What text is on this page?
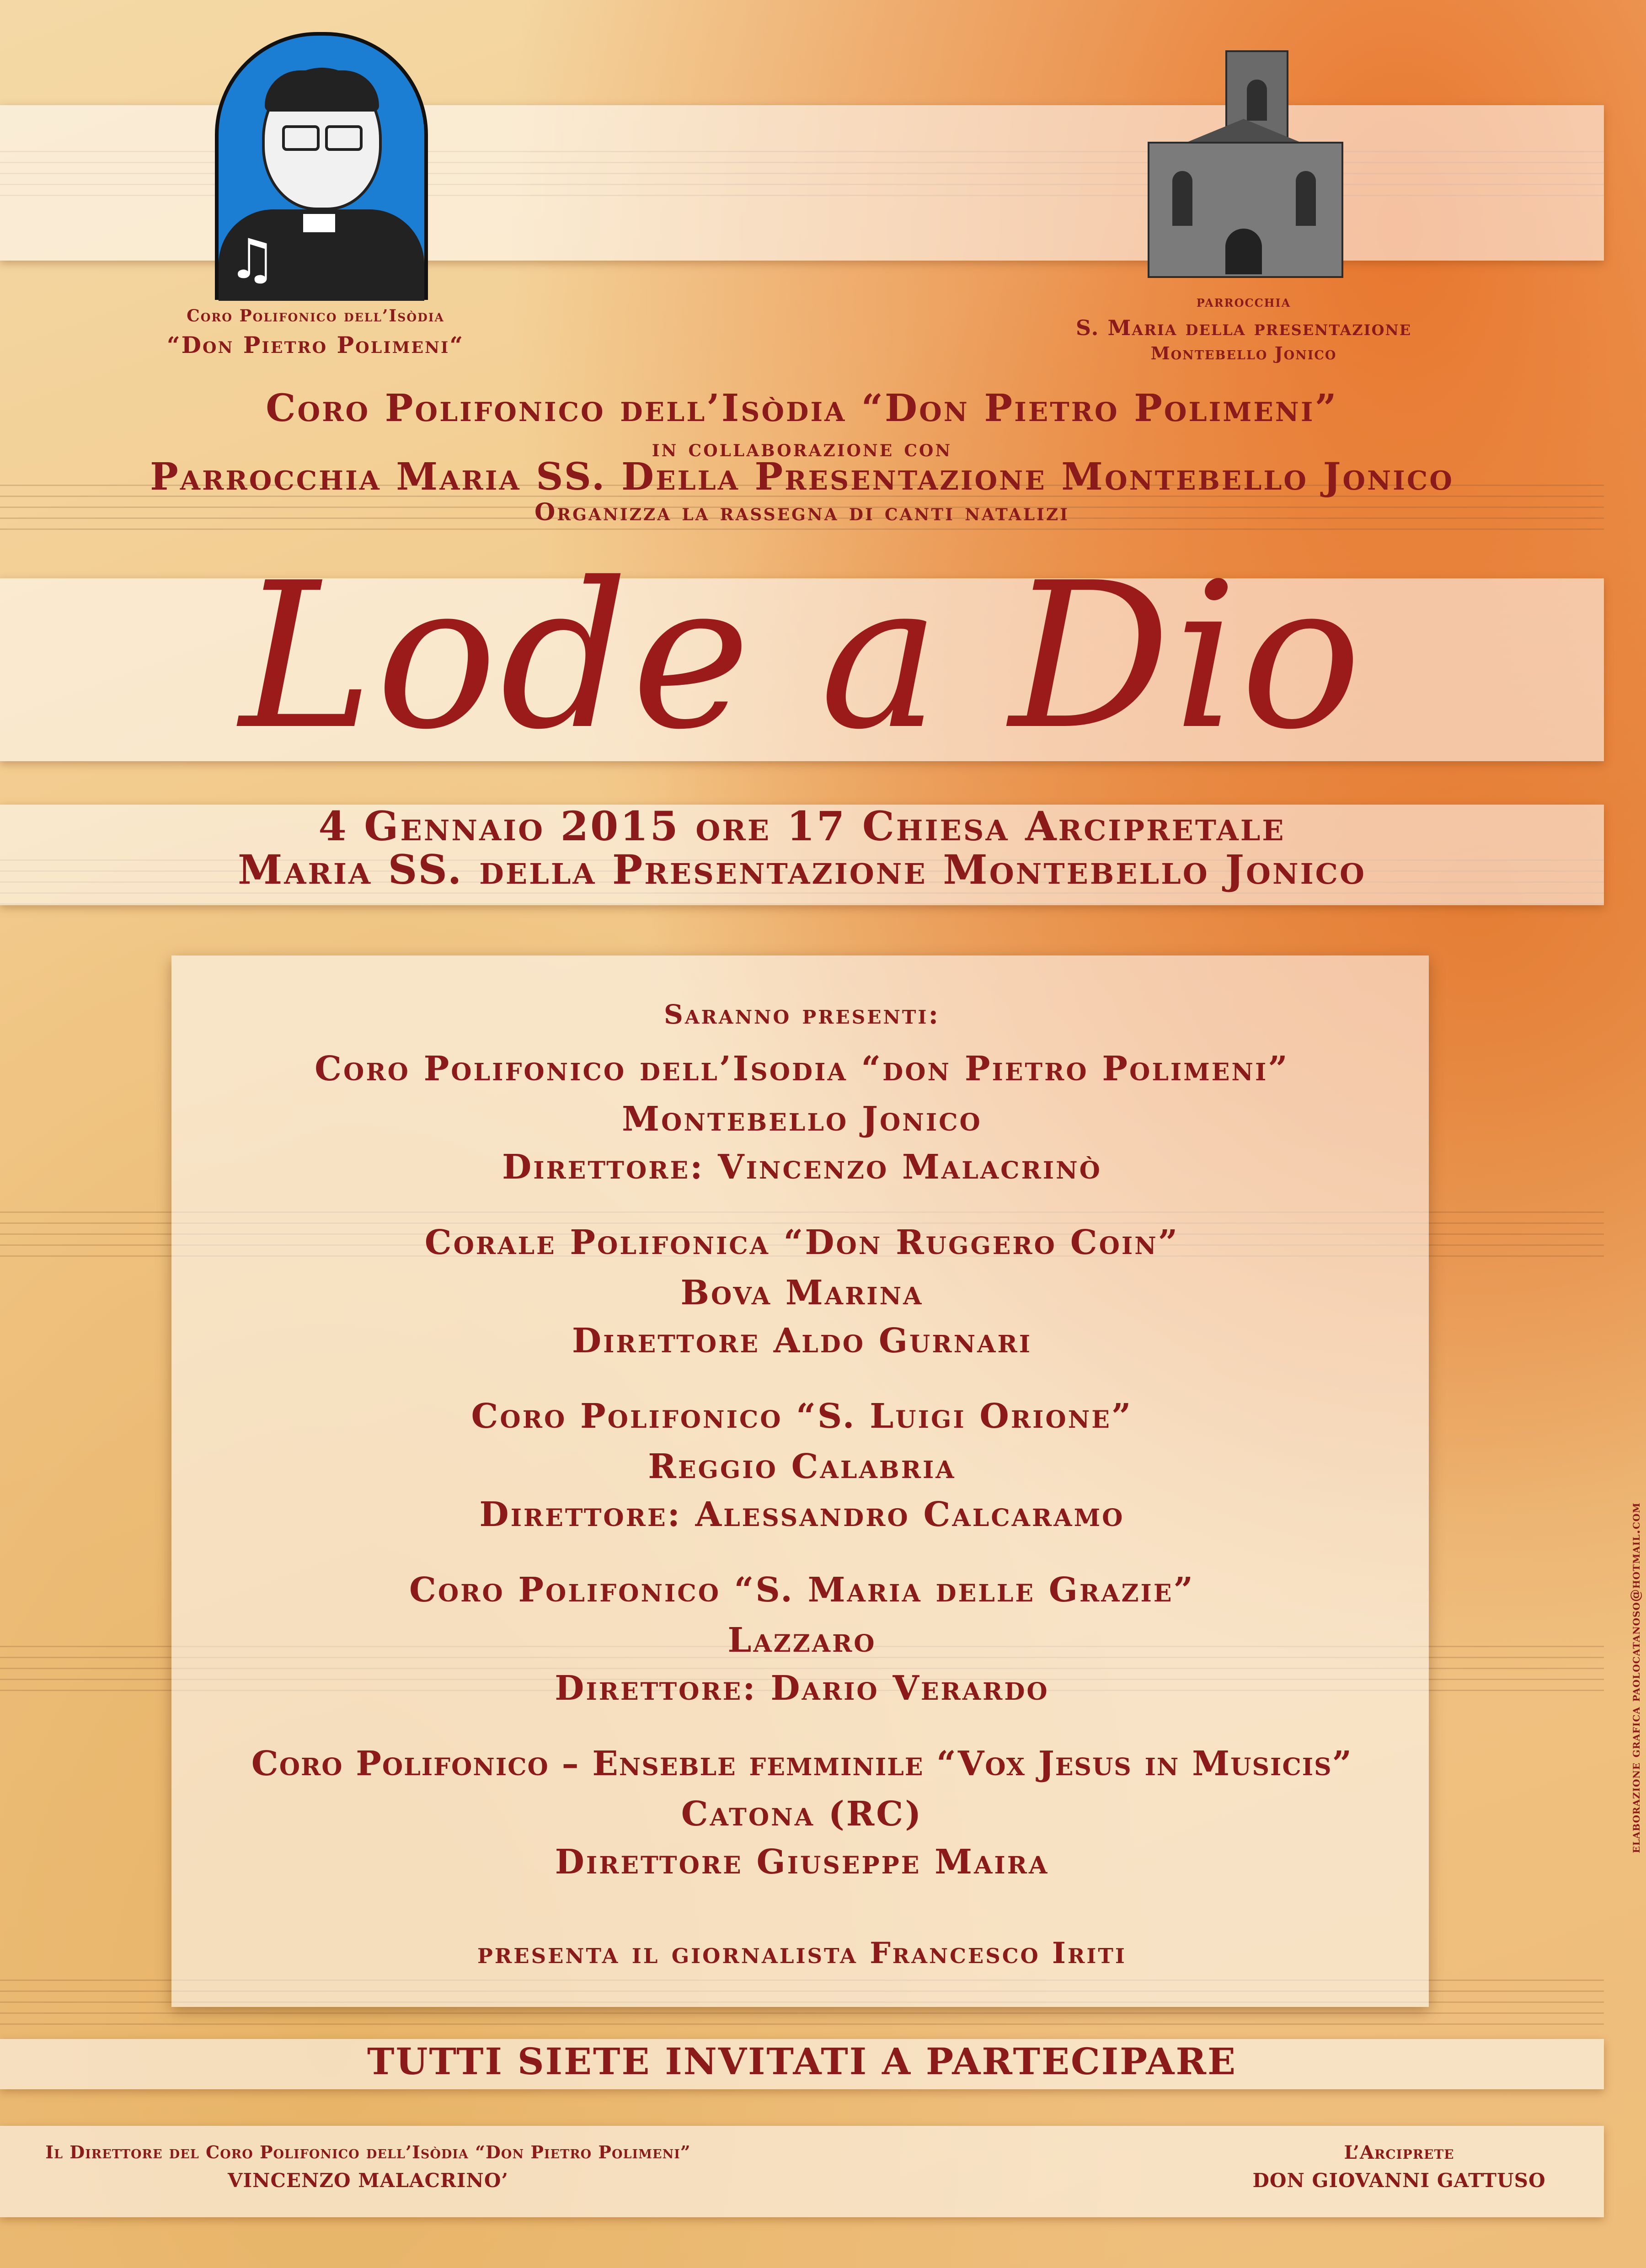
♫
Coro Polifonico dell’Isòdia
“Don Pietro Polimeni“
parrocchia
S. Maria della presentazione
Montebello Jonico
Coro Polifonico dell’Isòdia “Don Pietro Polimeni”
in collaborazione con
Parrocchia Maria SS. Della Presentazione Montebello Jonico
Organizza la rassegna di canti natalizi
Lode a Dio
4 Gennaio 2015 ore 17 Chiesa Arcipretale
Maria SS. della Presentazione Montebello Jonico
Saranno presenti:
Coro Polifonico dell’Isodia “don Pietro Polimeni”
Montebello Jonico
Direttore: Vincenzo Malacrinò
Corale Polifonica “Don Ruggero Coin”
Bova Marina
Direttore Aldo Gurnari
Coro Polifonico “S. Luigi Orione”
Reggio Calabria
Direttore: Alessandro Calcaramo
Coro Polifonico “S. Maria delle Grazie”
Lazzaro
Direttore: Dario Verardo
Coro Polifonico – Enseble femminile “Vox Jesus in Musicis”
Catona (RC)
Direttore Giuseppe Maira
presenta il giornalista Francesco Iriti
TUTTI SIETE INVITATI A PARTECIPARE
Il Direttore del Coro Polifonico dell’Isòdia “Don Pietro Polimeni”
VINCENZO MALACRINO’
L’Arciprete
DON GIOVANNI GATTUSO
elaborazione grafica paolocatanoso@hotmail.com
